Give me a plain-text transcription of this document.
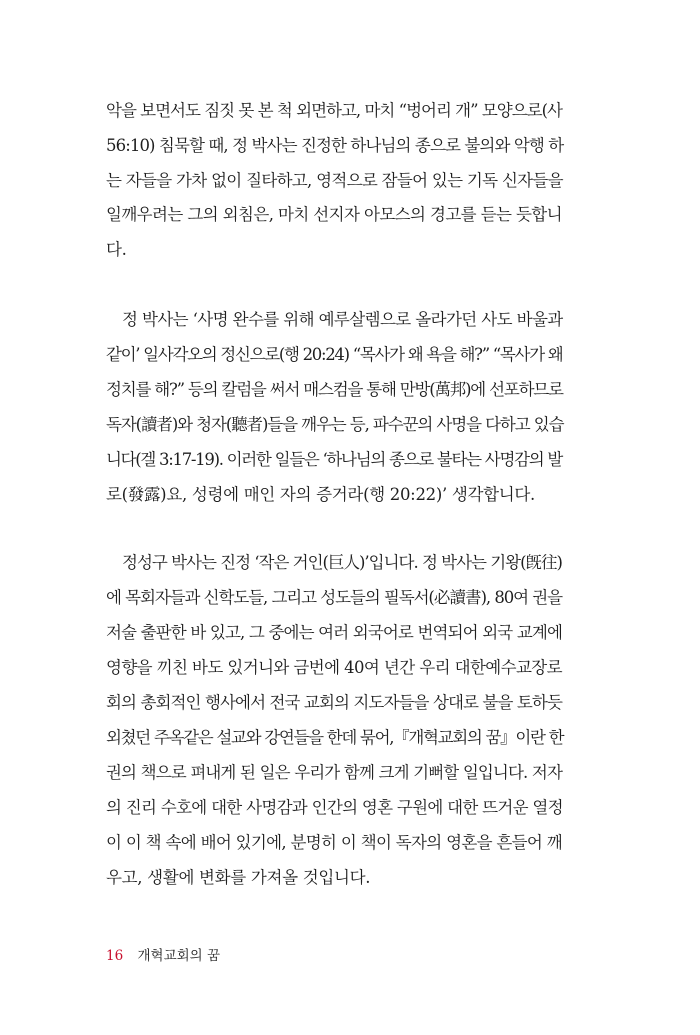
악을 보면서도 짐짓 못 본 척 외면하고, 마치 “벙어리 개” 모양으로(사
56:10) 침묵할 때, 정 박사는 진정한 하나님의 종으로 불의와 악행 하
는 자들을 가차 없이 질타하고, 영적으로 잠들어 있는 기독 신자들을
일깨우려는 그의 외침은, 마치 선지자 아모스의 경고를 듣는 듯합니
다.
정 박사는 ‘사명 완수를 위해 예루살렘으로 올라가던 사도 바울과
같이’ 일사각오의 정신으로(행 20:24) “목사가 왜 욕을 해?” “목사가 왜
정치를 해?” 등의 칼럼을 써서 매스컴을 통해 만방(萬邦)에 선포하므로
독자(讀者)와 청자(聽者)들을 깨우는 등, 파수꾼의 사명을 다하고 있습
니다(겔 3:17-19). 이러한 일들은 ‘하나님의 종으로 불타는 사명감의 발
로(發露)요, 성령에 매인 자의 증거라(행 20:22)’ 생각합니다.
정성구 박사는 진정 ‘작은 거인(巨人)’입니다. 정 박사는 기왕(旣往)
에 목회자들과 신학도들, 그리고 성도들의 필독서(必讀書), 80여 권을
저술 출판한 바 있고, 그 중에는 여러 외국어로 번역되어 외국 교계에
영향을 끼친 바도 있거니와 금번에 40여 년간 우리 대한예수교장로
회의 총회적인 행사에서 전국 교회의 지도자들을 상대로 불을 토하듯
외쳤던 주옥같은 설교와 강연들을 한데 묶어,『개혁교회의 꿈』이란 한
권의 책으로 펴내게 된 일은 우리가 함께 크게 기뻐할 일입니다. 저자
의 진리 수호에 대한 사명감과 인간의 영혼 구원에 대한 뜨거운 열정
이 이 책 속에 배어 있기에, 분명히 이 책이 독자의 영혼을 흔들어 깨
우고, 생활에 변화를 가져올 것입니다.
16 개혁교회의 꿈
